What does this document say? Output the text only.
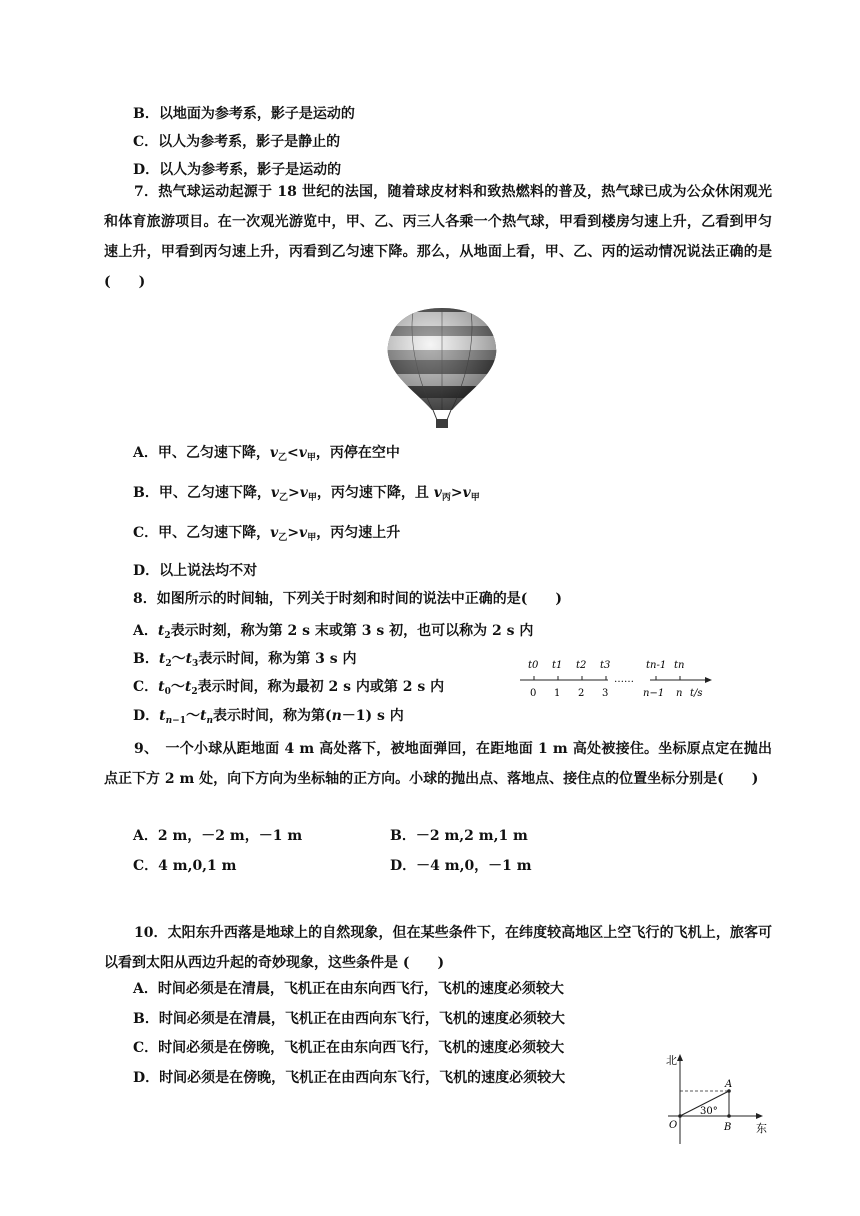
B．以地面为参考系，影子是运动的
C．以人为参考系，影子是静止的
D．以人为参考系，影子是运动的
7．热气球运动起源于 18 世纪的法国，随着球皮材料和致热燃料的普及，热气球已成为公众休闲观光和体育旅游项目。在一次观光游览中，甲、乙、丙三人各乘一个热气球，甲看到楼房匀速上升，乙看到甲匀速上升，甲看到丙匀速上升，丙看到乙匀速下降。那么，从地面上看，甲、乙、丙的运动情况说法正确的是(　　)
A．甲、乙匀速下降，$v_乙<v_甲$，丙停在空中
B．甲、乙匀速下降，$v_乙>v_甲$，丙匀速下降，且 $v_丙>v_甲$
C．甲、乙匀速下降，$v_乙>v_甲$，丙匀速上升
D．以上说法均不对
8．如图所示的时间轴，下列关于时刻和时间的说法中正确的是(　　)
A．$t_2$表示时刻，称为第 2 s 末或第 3 s 初，也可以称为 2 s 内
B．$t_2\sim t_3$表示时间，称为第 3 s 内
C．$t_0\sim t_2$表示时间，称为最初 2 s 内或第 2 s 内
D．$t_{n-1}\sim t_n$表示时间，称为第(n－1) s 内
t0 t1 t2 t3
……
tn-1 tn
0 1 2 3	n−1 n t/s
9、　一个小球从距地面 4 m 高处落下，被地面弹回，在距地面 1 m 高处被接住。坐标原点定在抛出点正下方 2 m 处，向下方向为坐标轴的正方向。小球的抛出点、落地点、接住点的位置坐标分别是(　　)
A．2 m，－2 m，－1 m	B．－2 m,2 m,1 m
C．4 m,0,1 m	D．－4 m,0，－1 m
10．太阳东升西落是地球上的自然现象，但在某些条件下，在纬度较高地区上空飞行的飞机上，旅客可以看到太阳从西边升起的奇妙现象，这些条件是 (　　)
A．时间必须是在清晨，飞机正在由东向西飞行，飞机的速度必须较大
B．时间必须是在清晨，飞机正在由西向东飞行，飞机的速度必须较大
C．时间必须是在傍晚，飞机正在由东向西飞行，飞机的速度必须较大
D．时间必须是在傍晚，飞机正在由西向东飞行，飞机的速度必须较大
北
东
O
A
B
30°
